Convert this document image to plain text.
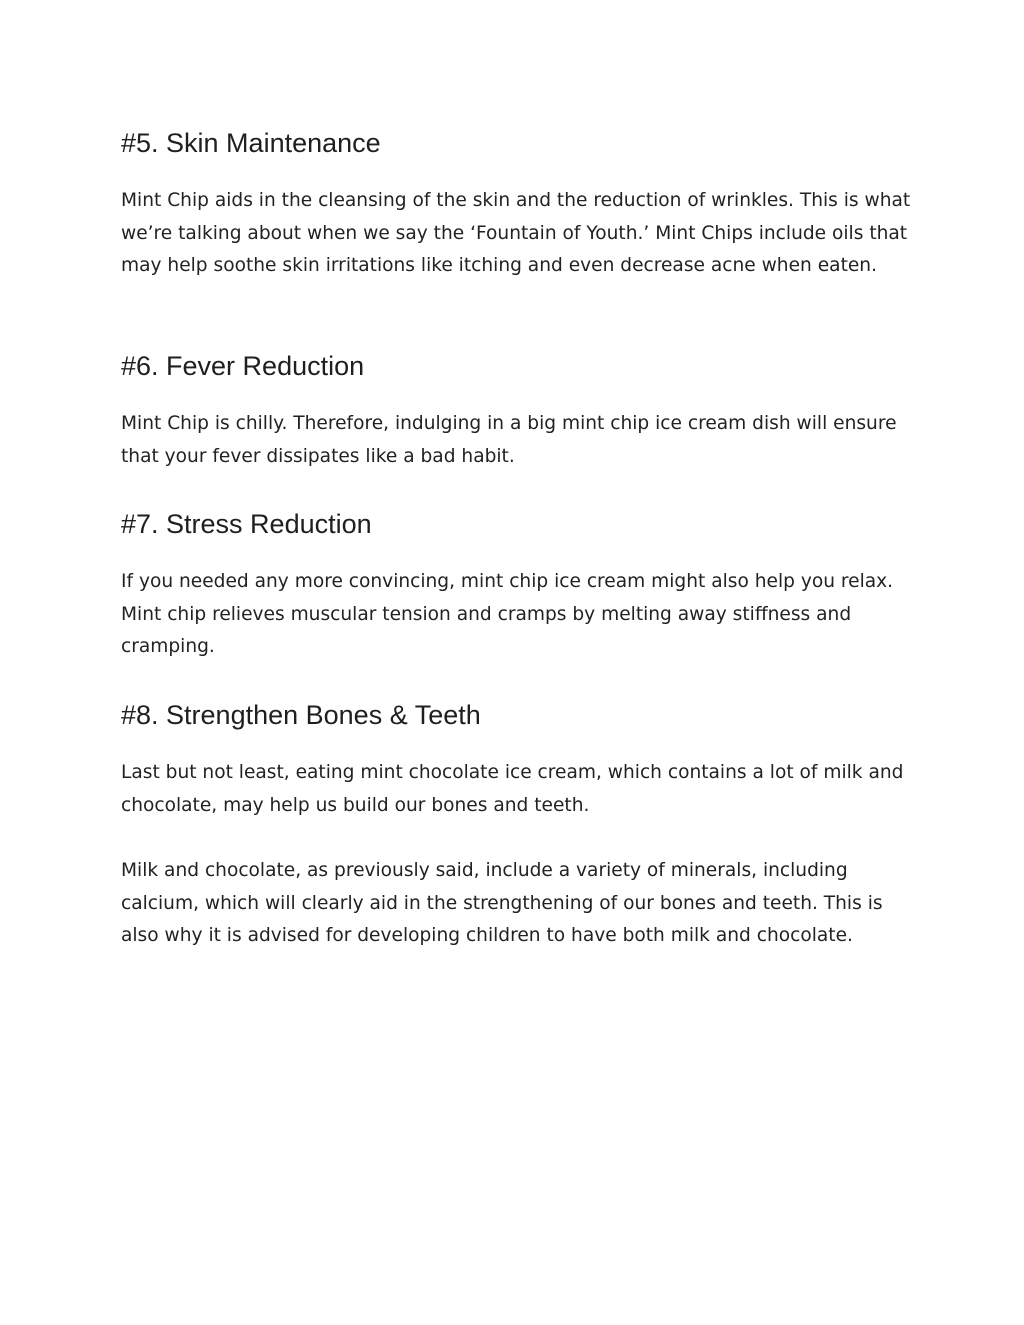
#5. Skin Maintenance

Mint Chip aids in the cleansing of the skin and the reduction of wrinkles. This is what we’re talking about when we say the ‘Fountain of Youth.’ Mint Chips include oils that may help soothe skin irritations like itching and even decrease acne when eaten.

#6. Fever Reduction

Mint Chip is chilly. Therefore, indulging in a big mint chip ice cream dish will ensure that your fever dissipates like a bad habit.

#7. Stress Reduction

If you needed any more convincing, mint chip ice cream might also help you relax. Mint chip relieves muscular tension and cramps by melting away stiffness and cramping.

#8. Strengthen Bones & Teeth

Last but not least, eating mint chocolate ice cream, which contains a lot of milk and chocolate, may help us build our bones and teeth.

Milk and chocolate, as previously said, include a variety of minerals, including calcium, which will clearly aid in the strengthening of our bones and teeth. This is also why it is advised for developing children to have both milk and chocolate.
